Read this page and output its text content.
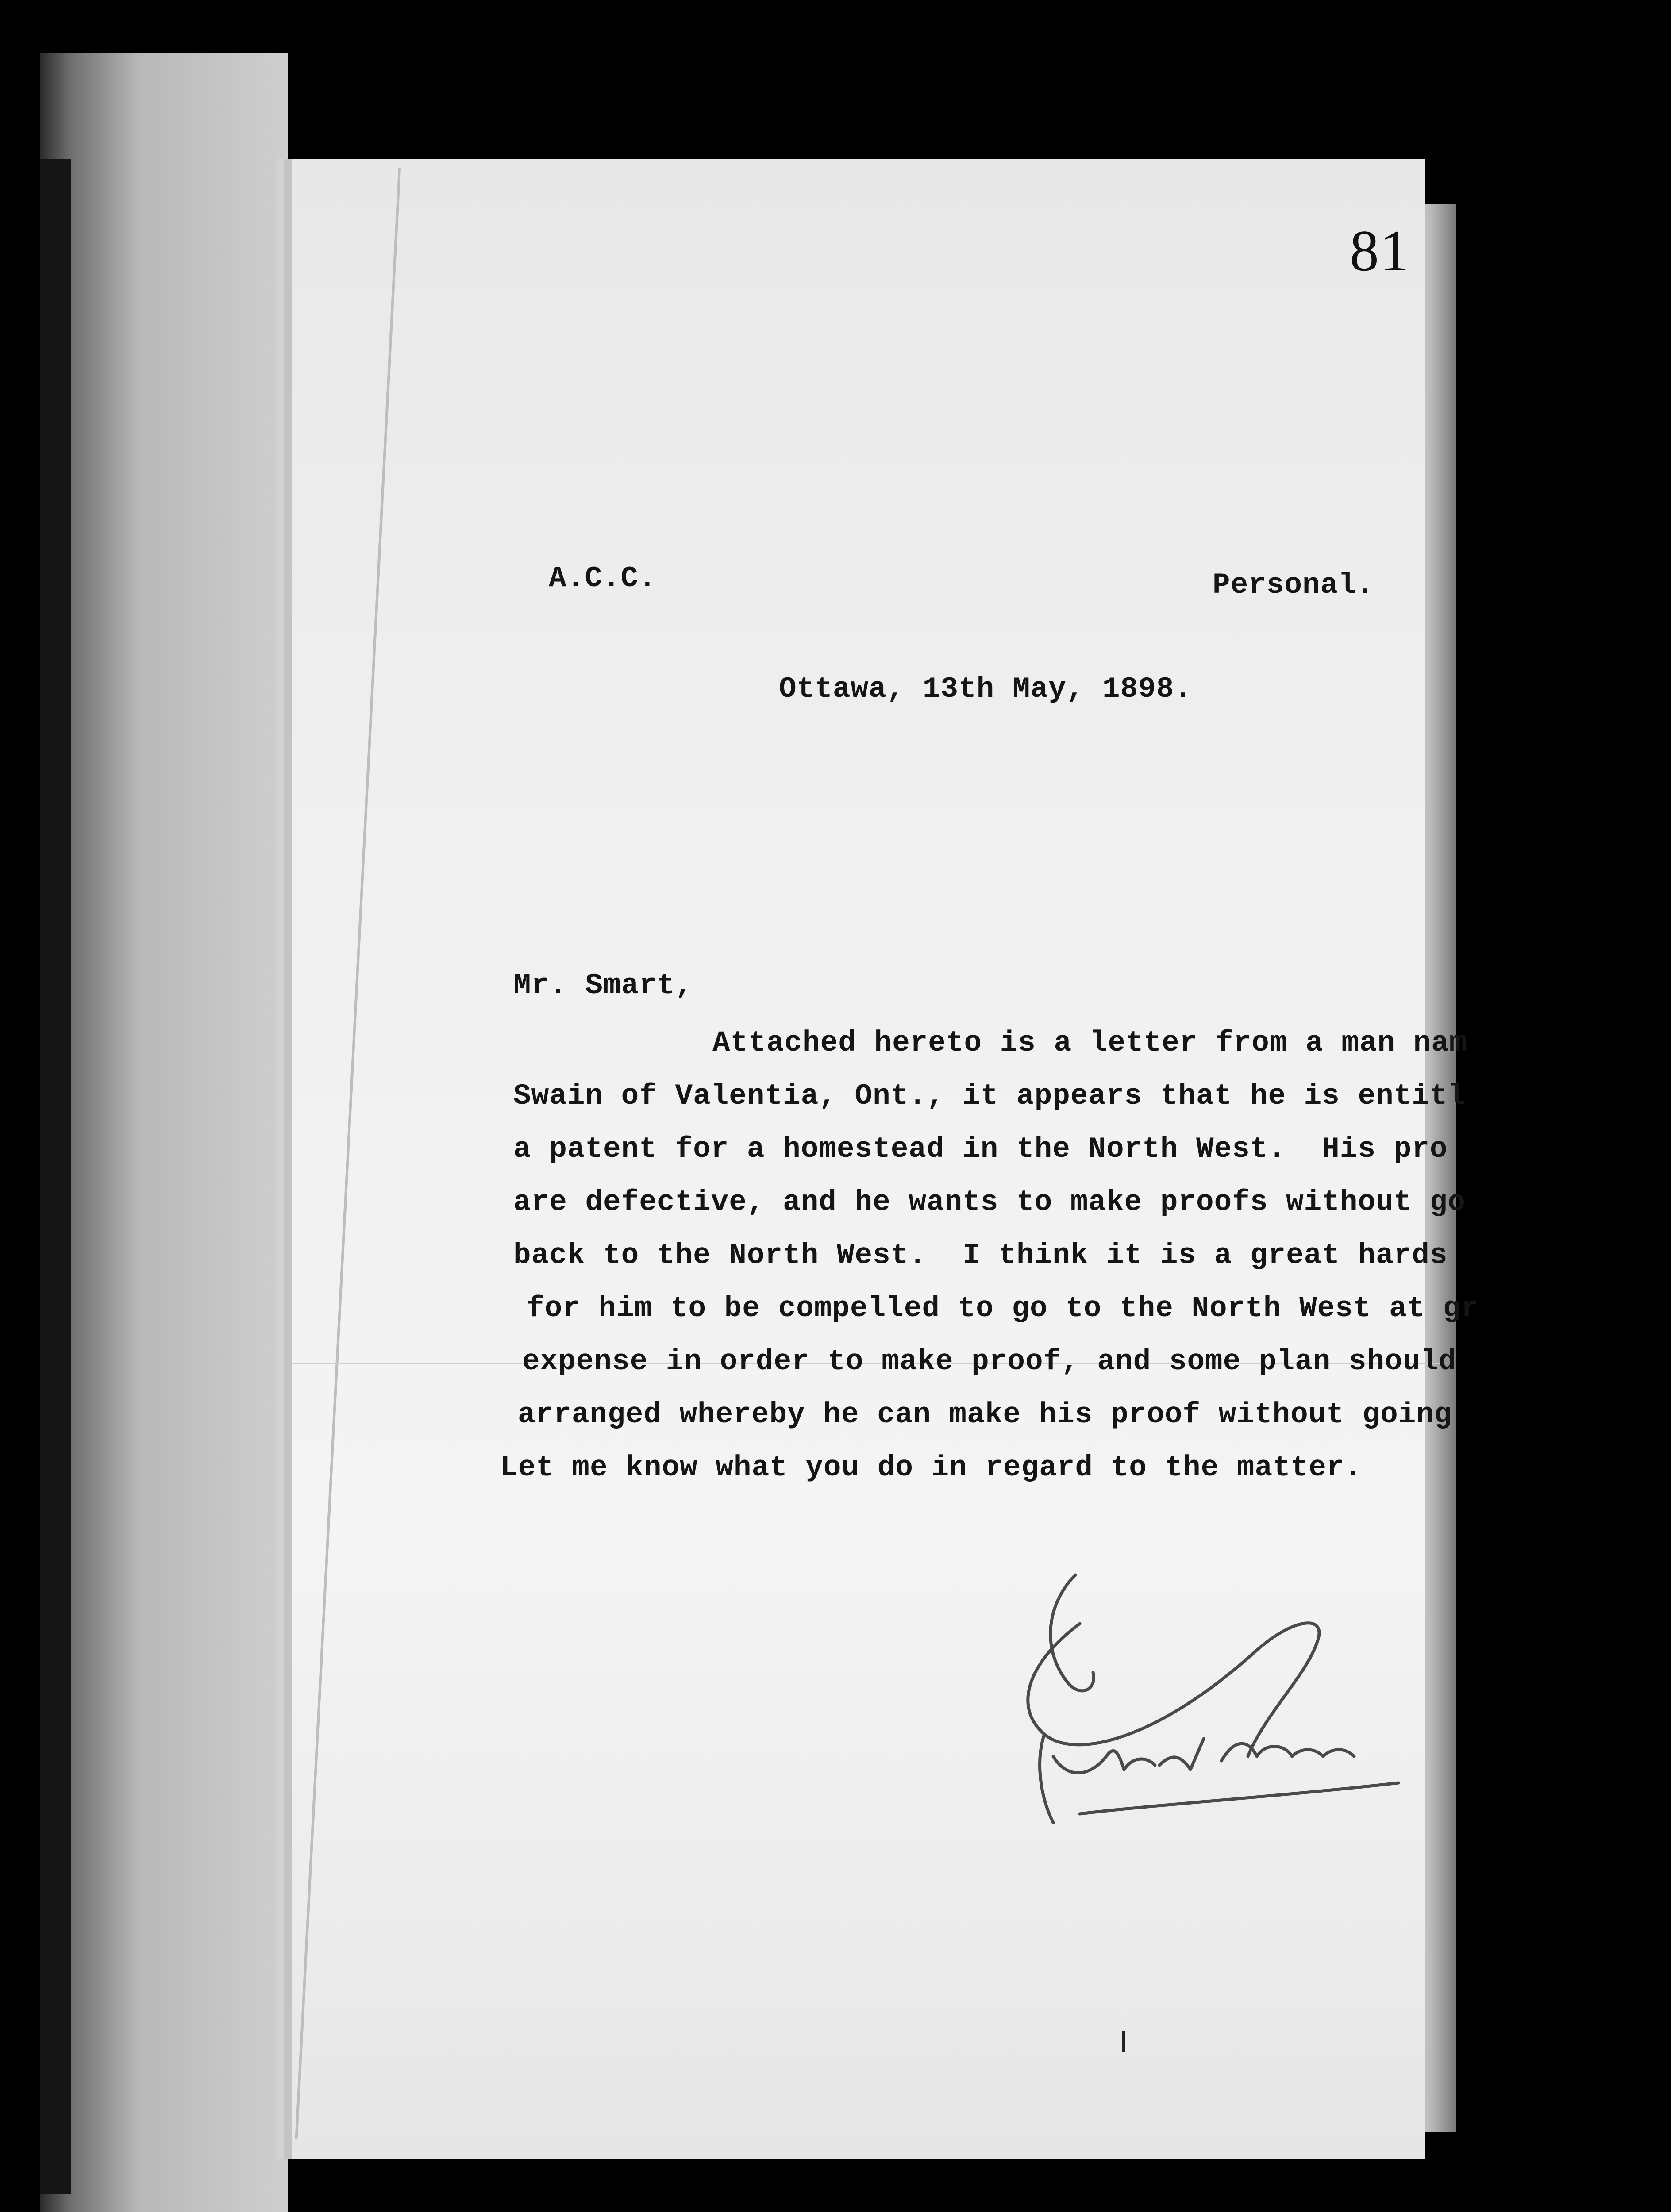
81
A.C.C.	Personal.
Ottawa, 13th May, 1898.
Mr. Smart,
Attached hereto is a letter from a man nam
Swain of Valentia, Ont., it appears that he is entitl
a patent for a homestead in the North West.  His pro
are defective, and he wants to make proofs without go
back to the North West.  I think it is a great hards
for him to be compelled to go to the North West at gr
expense in order to make proof, and some plan should
arranged whereby he can make his proof without going
Let me know what you do in regard to the matter.
